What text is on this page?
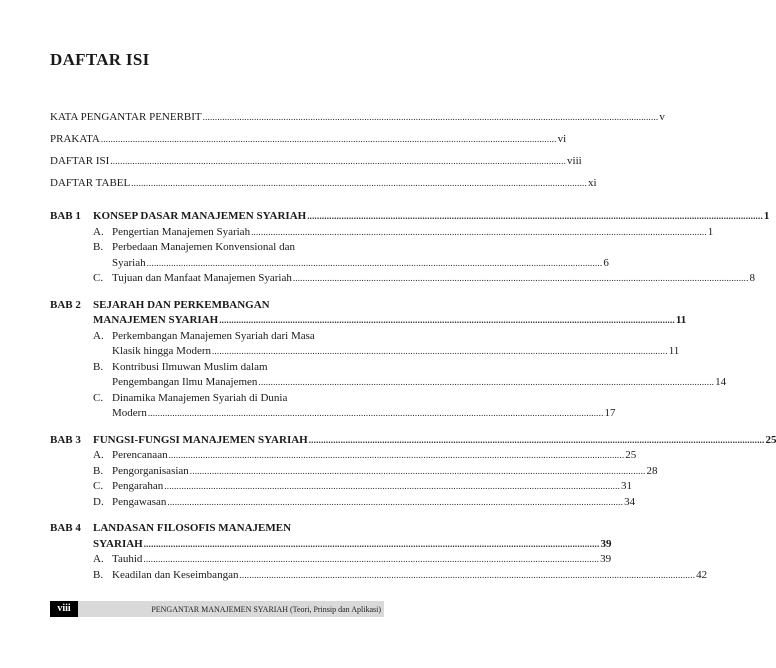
DAFTAR ISI
KATA PENGANTAR PENERBIT .......................................................................................................................................................................................... v
PRAKATA .......................................................................................................................................................................................... vi
DAFTAR ISI .......................................................................................................................................................................................... viii
DAFTAR TABEL .......................................................................................................................................................................................... xi
BAB 1 KONSEP DASAR MANAJEMEN SYARIAH .......................................................................................................................................................................................... 1
A. Pengertian Manajemen Syariah .......................................................................................................................................................................................... 1
B. Perbedaan Manajemen Konvensional dan
Syariah .......................................................................................................................................................................................... 6
C. Tujuan dan Manfaat Manajemen Syariah .......................................................................................................................................................................................... 8
BAB 2 SEJARAH DAN PERKEMBANGAN
MANAJEMEN SYARIAH .......................................................................................................................................................................................... 11
A. Perkembangan Manajemen Syariah dari Masa
Klasik hingga Modern .......................................................................................................................................................................................... 11
B. Kontribusi Ilmuwan Muslim dalam
Pengembangan Ilmu Manajemen .......................................................................................................................................................................................... 14
C. Dinamika Manajemen Syariah di Dunia
Modern .......................................................................................................................................................................................... 17
BAB 3 FUNGSI-FUNGSI MANAJEMEN SYARIAH .......................................................................................................................................................................................... 25
A. Perencanaan .......................................................................................................................................................................................... 25
B. Pengorganisasian .......................................................................................................................................................................................... 28
C. Pengarahan .......................................................................................................................................................................................... 31
D. Pengawasan .......................................................................................................................................................................................... 34
BAB 4 LANDASAN FILOSOFIS MANAJEMEN
SYARIAH .......................................................................................................................................................................................... 39
A. Tauhid .......................................................................................................................................................................................... 39
B. Keadilan dan Keseimbangan .......................................................................................................................................................................................... 42
viii	PENGANTAR MANAJEMEN SYARIAH (Teori, Prinsip dan Aplikasi)
